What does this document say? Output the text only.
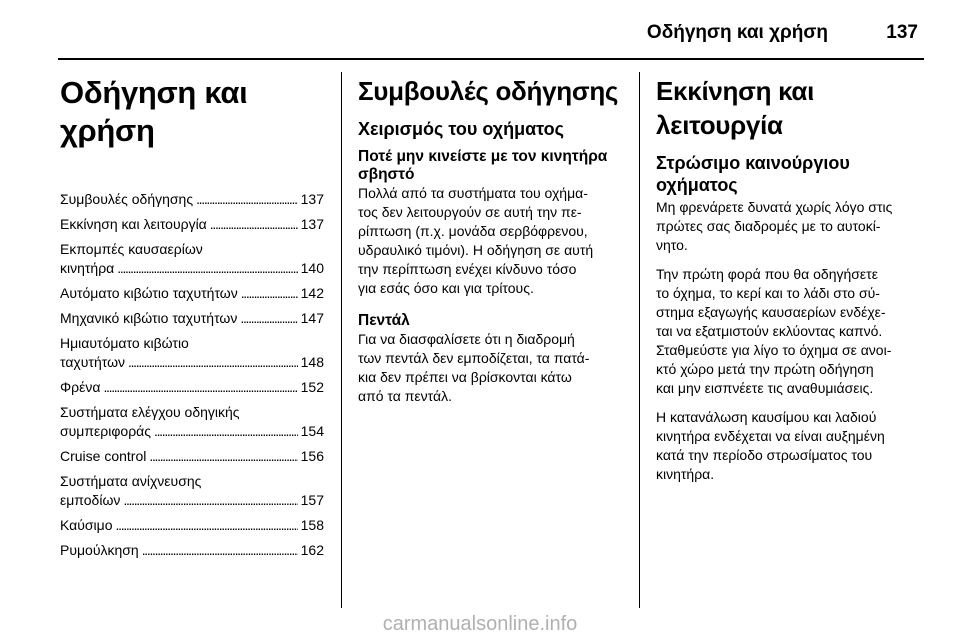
Οδήγηση και χρήση	137
Οδήγηση και χρήση
Συμβουλές οδήγησης . . .	137
Εκκίνηση και λειτουργία . . .	137
Εκπομπές καυσαερίων
κινητήρα . . .	140
Αυτόματο κιβώτιο ταχυτήτων . . .	142
Μηχανικό κιβώτιο ταχυτήτων . . .	147
Ημιαυτόματο κιβώτιο
ταχυτήτων . . .	148
Φρένα . . .	152
Συστήματα ελέγχου οδηγικής
συμπεριφοράς . . .	154
Cruise control . . .	156
Συστήματα ανίχνευσης
εμποδίων . . .	157
Καύσιμο . . .	158
Ρυμούλκηση . . .	162
Συμβουλές οδήγησης
Χειρισμός του οχήματος
Ποτέ μην κινείστε με τον κινητήρα
σβηστό
Πολλά από τα συστήματα του οχήμα-
τος δεν λειτουργούν σε αυτή την πε-
ρίπτωση (π.χ. μονάδα σερβόφρενου,
υδραυλικό τιμόνι). Η οδήγηση σε αυτή
την περίπτωση ενέχει κίνδυνο τόσο
για εσάς όσο και για τρίτους.
Πεντάλ
Για να διασφαλίσετε ότι η διαδρομή
των πεντάλ δεν εμποδίζεται, τα πατά-
κια δεν πρέπει να βρίσκονται κάτω
από τα πεντάλ.
Εκκίνηση και λειτουργία
Στρώσιμο καινούργιου
οχήματος
Μη φρενάρετε δυνατά χωρίς λόγο στις
πρώτες σας διαδρομές με το αυτοκί-
νητο.
Την πρώτη φορά που θα οδηγήσετε
το όχημα, το κερί και το λάδι στο σύ-
στημα εξαγωγής καυσαερίων ενδέχε-
ται να εξατμιστούν εκλύοντας καπνό.
Σταθμεύστε για λίγο το όχημα σε ανοι-
κτό χώρο μετά την πρώτη οδήγηση
και μην εισπνέετε τις αναθυμιάσεις.
Η κατανάλωση καυσίμου και λαδιού
κινητήρα ενδέχεται να είναι αυξημένη
κατά την περίοδο στρωσίματος του
κινητήρα.
carmanualsonline.info
